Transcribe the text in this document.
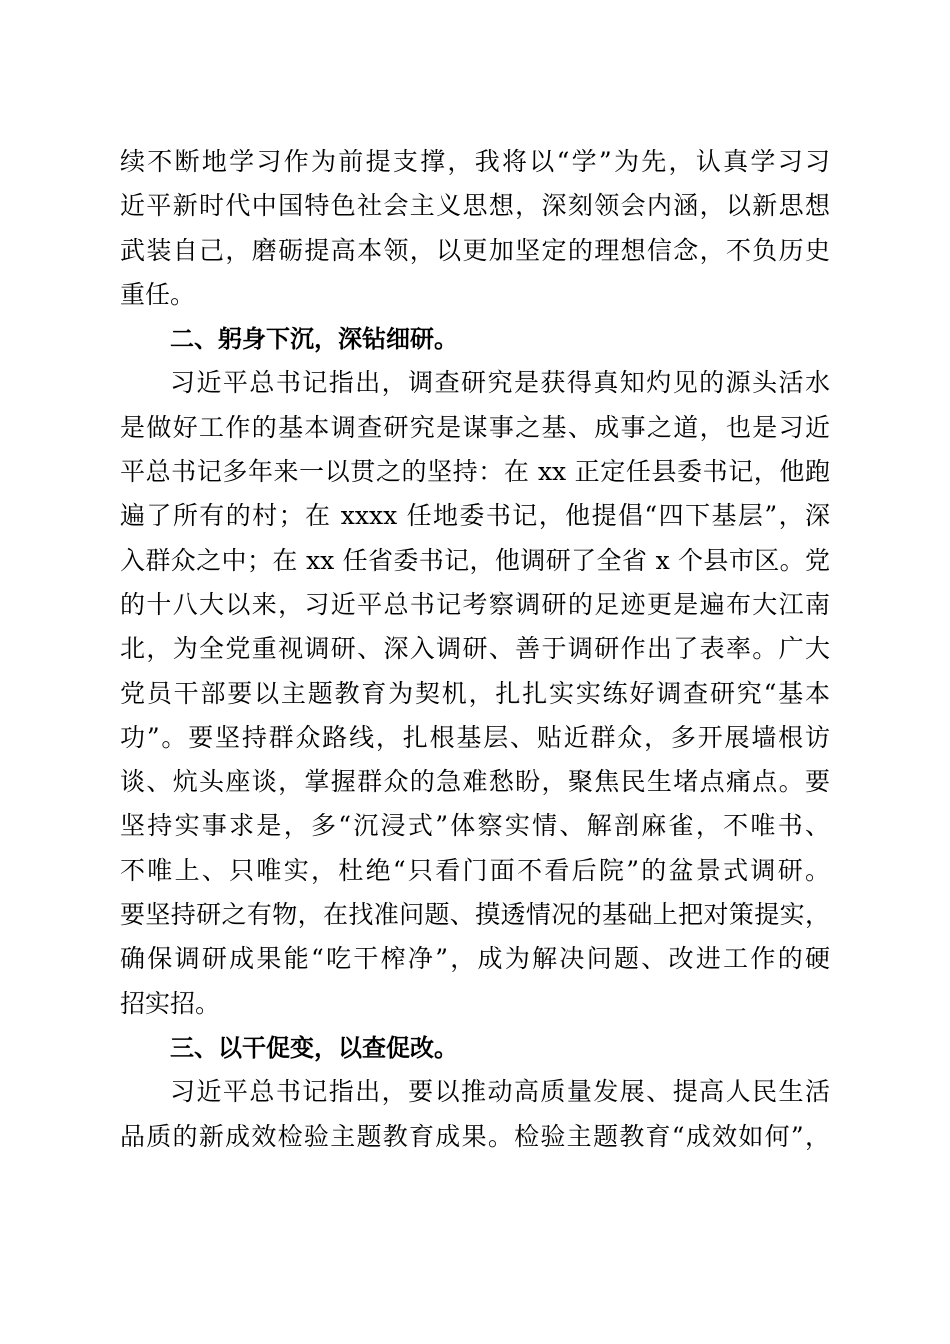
续不断地学习作为前提支撑，我将以“学”为先，认真学习习
近平新时代中国特色社会主义思想，深刻领会内涵，以新思想
武装自己，磨砺提高本领，以更加坚定的理想信念，不负历史
重任。
二、躬身下沉，深钻细研。
习近平总书记指出，调查研究是获得真知灼见的源头活水
是做好工作的基本调查研究是谋事之基、成事之道，也是习近
平总书记多年来一以贯之的坚持：在 xx 正定任县委书记，他跑
遍了所有的村；在 xxxx 任地委书记，他提倡“四下基层”，深
入群众之中；在 xx 任省委书记，他调研了全省 x 个县市区。党
的十八大以来，习近平总书记考察调研的足迹更是遍布大江南
北，为全党重视调研、深入调研、善于调研作出了表率。广大
党员干部要以主题教育为契机，扎扎实实练好调查研究“基本
功”。要坚持群众路线，扎根基层、贴近群众，多开展墙根访
谈、炕头座谈，掌握群众的急难愁盼，聚焦民生堵点痛点。要
坚持实事求是，多“沉浸式”体察实情、解剖麻雀，不唯书、
不唯上、只唯实，杜绝“只看门面不看后院”的盆景式调研。
要坚持研之有物，在找准问题、摸透情况的基础上把对策提实，
确保调研成果能“吃干榨净”，成为解决问题、改进工作的硬
招实招。
三、以干促变，以查促改。
习近平总书记指出，要以推动高质量发展、提高人民生活
品质的新成效检验主题教育成果。检验主题教育“成效如何”，
